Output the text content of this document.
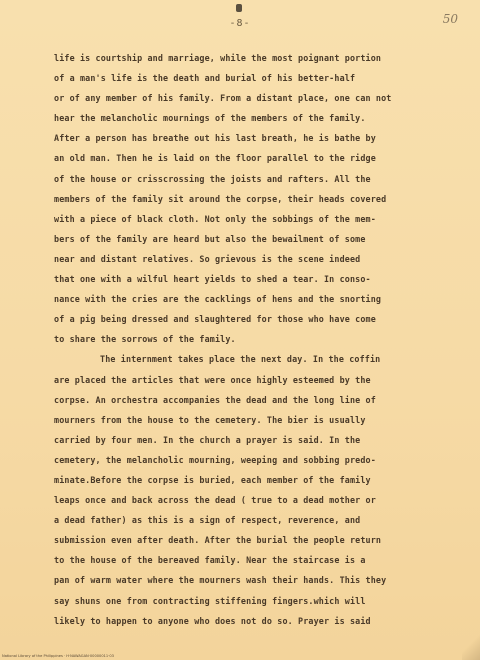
-8-	50
life is courtship and marriage, while the most poignant portion
of a man's life is the death and burial of his better-half
or of any member of his family. From a distant place, one can not
hear the melancholic mournings of the members of the family.
After a person has breathe out his last breath, he is bathe by
an old man. Then he is laid on the floor parallel to the ridge
of the house or crisscrossing the joists and rafters. All the
members of the family sit around the corpse, their heads covered
with a piece of black cloth. Not only the sobbings of the mem-
bers of the family are heard but also the bewailment of some
near and distant relatives. So grievous is the scene indeed
that one with a wilful heart yields to shed a tear. In conso-
nance with the cries are the cacklings of hens and the snorting
of a pig being dressed and slaughtered for those who have come
to share the sorrows of the family.
The internment takes place the next day. In the coffin
are placed the articles that were once highly esteemed by the
corpse. An orchestra accompanies the dead and the long line of
mourners from the house to the cemetery. The bier is usually
carried by four men. In the church a prayer is said. In the
cemetery, the melancholic mourning, weeping and sobbing predo-
minate.Before the corpse is buried, each member of the family
leaps once and back across the dead ( true to a dead mother or
a dead father) as this is a sign of respect, reverence, and
submission even after death. After the burial the people return
to the house of the bereaved family. Near the staircase is a
pan of warm water where the mourners wash their hands. This they
say shuns one from contracting stiffening fingers.which will
likely to happen to anyone who does not do so. Prayer is said
National Library of the Philippines · H·NAWAGAN·00000011·03
